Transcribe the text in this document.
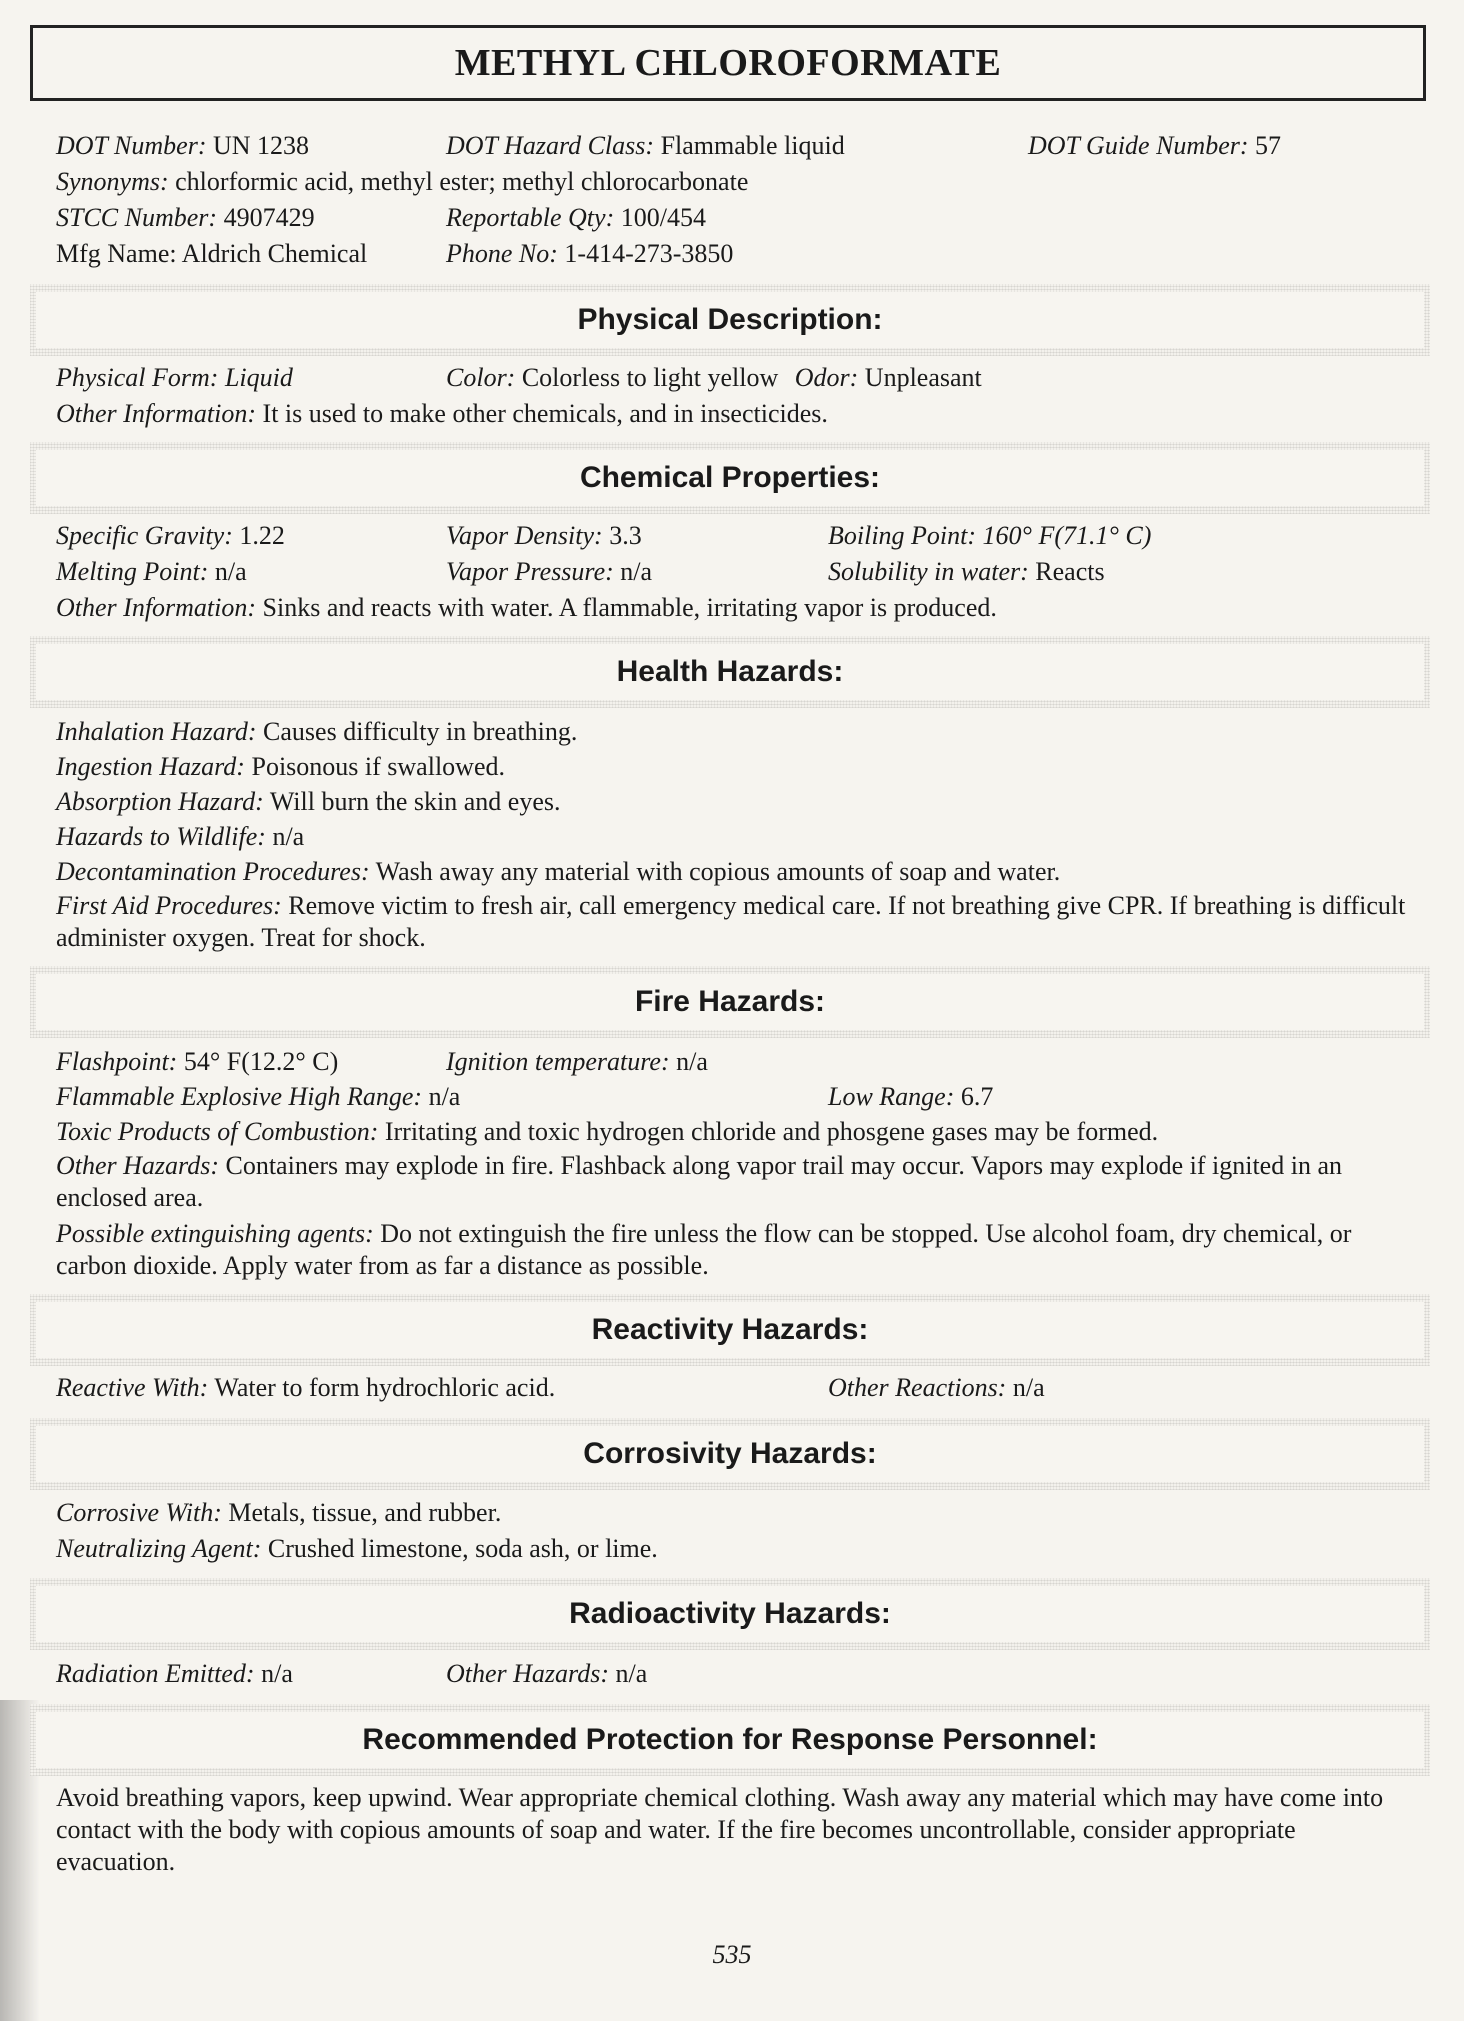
METHYL CHLOROFORMATE
DOT Number: UN 1238	DOT Hazard Class: Flammable liquid	DOT Guide Number: 57
Synonyms: chlorformic acid, methyl ester; methyl chlorocarbonate
STCC Number: 4907429	Reportable Qty: 100/454
Mfg Name: Aldrich Chemical	Phone No: 1-414-273-3850
Physical Description:
Physical Form: Liquid	Color: Colorless to light yellow Odor: Unpleasant
Other Information: It is used to make other chemicals, and in insecticides.
Chemical Properties:
Specific Gravity: 1.22	Vapor Density: 3.3	Boiling Point: 160° F(71.1° C)
Melting Point: n/a	Vapor Pressure: n/a	Solubility in water: Reacts
Other Information: Sinks and reacts with water. A flammable, irritating vapor is produced.
Health Hazards:
Inhalation Hazard: Causes difficulty in breathing.
Ingestion Hazard: Poisonous if swallowed.
Absorption Hazard: Will burn the skin and eyes.
Hazards to Wildlife: n/a
Decontamination Procedures: Wash away any material with copious amounts of soap and water.
First Aid Procedures: Remove victim to fresh air, call emergency medical care. If not breathing give CPR. If breathing is difficult administer oxygen. Treat for shock.
Fire Hazards:
Flashpoint: 54° F(12.2° C)	Ignition temperature: n/a
Flammable Explosive High Range: n/a	Low Range: 6.7
Toxic Products of Combustion: Irritating and toxic hydrogen chloride and phosgene gases may be formed.
Other Hazards: Containers may explode in fire. Flashback along vapor trail may occur. Vapors may explode if ignited in an enclosed area.
Possible extinguishing agents: Do not extinguish the fire unless the flow can be stopped. Use alcohol foam, dry chemical, or carbon dioxide. Apply water from as far a distance as possible.
Reactivity Hazards:
Reactive With: Water to form hydrochloric acid.	Other Reactions: n/a
Corrosivity Hazards:
Corrosive With: Metals, tissue, and rubber.
Neutralizing Agent: Crushed limestone, soda ash, or lime.
Radioactivity Hazards:
Radiation Emitted: n/a	Other Hazards: n/a
Recommended Protection for Response Personnel:
Avoid breathing vapors, keep upwind. Wear appropriate chemical clothing. Wash away any material which may have come into contact with the body with copious amounts of soap and water. If the fire becomes uncontrollable, consider appropriate evacuation.
535
